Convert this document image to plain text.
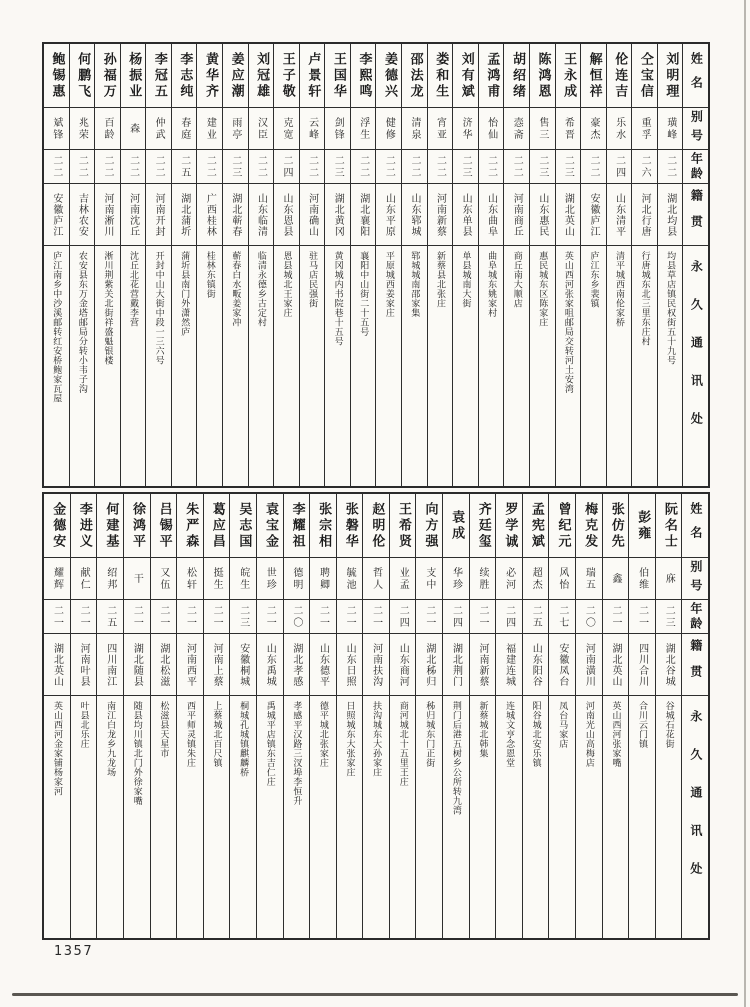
姓名
别号
年龄
籍贯
永久通讯处
刘明理
璜峰
二二
湖北均县
均县草店镇民权街五十九号
仝宝信
重孚
二六
河北行唐
行唐城东北三里东庄村
伦连吉
乐水
二四
山东清平
清平城西南伦家桥
解恒祥
豪杰
二二
安徽庐江
庐江东乡裴镇
王永成
希晋
二三
湖北英山
英山西河张家咀邮局交转河土安湾
陈鸿恩
售三
二三
山东惠民
惠民城东区陈家庄
胡绍绪
悫斋
二二
河南商丘
商丘南大顺店
孟鸿甫
怡仙
二二
山东曲阜
曲阜城东姚家村
刘有斌
济华
二三
山东单县
单县城南大街
娄和生
宵亚
二二
河南新蔡
新蔡县北张庄
邵法龙
清泉
二二
山东郓城
郓城城南邵家集
姜德兴
健修
二二
山东平原
平原城西姜家庄
李熙鸣
浮生
二二
湖北襄阳
襄阳中山街二十五号
王国华
剑锋
二三
湖北黄冈
黄冈城内书院巷十五号
卢景轩
云峰
二二
河南确山
驻马店民强街
王子敬
克宽
二四
山东恩县
恩县城北王家庄
刘冠雄
汉臣
二二
山东临清
临清永德乡古定村
姜应潮
雨亭
二三
湖北蕲春
蕲春白水畈姜家冲
黄华齐
建业
二二
广西桂林
桂林东镇街
李志纯
春庭
二五
湖北蒲圻
蒲圻县南门外潇然庐
李冠五
仲武
二二
河南开封
开封中山大街中段一三六号
杨振业
森
二二
河南沈丘
沈丘北花营戴李营
孙福万
百龄
二二
河南淅川
淅川荆紫关北街祥盛魁银楼
何鹏飞
兆荣
二二
吉林农安
农安县东万金塔邮局分转小韦子沟
鲍锡惠
斌锋
二二
安徽庐江
庐江南乡中沙溪邮转红安桥鲍家瓦屋
姓名
别号
年龄
籍贯
永久通讯处
阮名士
庥
二三
湖北谷城
谷城石花街
彭雍
伯维
二一
四川合川
合川云门镇
张仿先
鑫
二一
湖北英山
英山西河张家嘴
梅克发
瑞五
二〇
河南潢川
河南光山高梅店
曾纪元
风怡
二七
安徽凤台
凤台马家店
孟宪斌
超杰
二五
山东阳谷
阳谷城北安乐镇
罗学诚
必河
二四
福建连城
连城文亨念恩堂
齐廷玺
续胜
二一
河南新蔡
新蔡城北韩集
袁成
华珍
二四
湖北荆门
荆门后港五树乡公所转九湾
向方强
支中
二一
湖北秭归
秭归城东门正街
王希贤
业孟
二四
山东商河
商河城北十五里王庄
赵明伦
哲人
二一
河南扶沟
扶沟城东大孙家庄
张磐华
毓池
二一
山东日照
日照城东大张家庄
张宗相
聘卿
二一
山东德平
德平城北张家庄
李耀祖
德明
二〇
湖北孝感
孝感平汉路三汊埠李恒升
袁宝金
世珍
二一
山东禹城
禹城平店镇东吉仁庄
吴志国
皖生
二三
安徽桐城
桐城孔城镇麒麟桥
葛应昌
挺生
二一
河南上蔡
上蔡城北百尺镇
朱严森
松轩
二一
河南西平
西平师灵镇朱庄
吕锡平
又伍
二一
湖北松滋
松滋县天星市
徐鸿平
干
二一
湖北随县
随县均川镇北门外徐家嘴
何建基
绍邦
二五
四川南江
南江白龙乡九龙场
李进义
献仁
二一
河南叶县
叶县北乐庄
金德安
耀辉
二一
湖北英山
英山西河金家铺杨家河
1357
